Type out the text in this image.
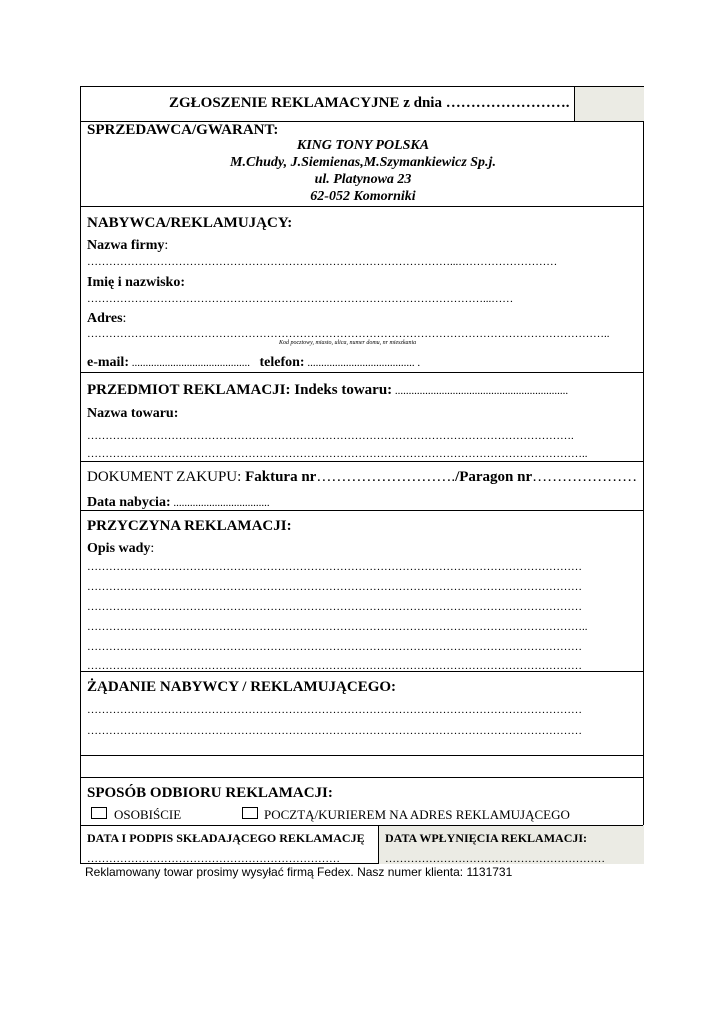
ZGŁOSZENIE REKLAMACYJNE z dnia …………………….
SPRZEDAWCA/GWARANT:
KING TONY POLSKA
M.Chudy, J.Siemienas,M.Szymankiewicz Sp.j.
ul. Platynowa 23
62-052 Komorniki
NABYWCA/REKLAMUJĄCY:
Nazwa firmy:
………………………………………………………………………………………...………………………
Imię i nazwisko:
………………………………………………………………………………………………...……
Adres:
……………………………………………………………………………………………………………………………..
Kod pocztowy, miasto, ulica, numer domu, nr mieszkania
e-mail: ........................................... telefon: ....................................... .
PRZEDMIOT REKLAMACJI: Indeks towaru: ...............................................................
Nazwa towaru:
…………………………………………………………………………………………………………………….
………………………………………………………………………………………………………………………..
DOKUMENT ZAKUPU: Faktura nr………………………./Paragon nr…………………
Data nabycia: ...................................
PRZYCZYNA REKLAMACJI:
Opis wady:
………………………………………………………………………………………………………………………
………………………………………………………………………………………………………………………
………………………………………………………………………………………………………………………
………………………………………………………………………………………………………………………..
………………………………………………………………………………………………………………………
………………………………………………………………………………………………………………………
ŻĄDANIE NABYWCY / REKLAMUJĄCEGO:
………………………………………………………………………………………………………………………
………………………………………………………………………………………………………………………
SPOSÓB ODBIORU REKLAMACJI:
OSOBIŚCIE	POCZTĄ/KURIEREM NA ADRES REKLAMUJĄCEGO
DATA I PODPIS SKŁADAJĄCEGO REKLAMACJĘ
……………………………………………………………
DATA WPŁYNIĘCIA REKLAMACJI:
……………………………………………………
Reklamowany towar prosimy wysyłać firmą Fedex. Nasz numer klienta: 1131731
